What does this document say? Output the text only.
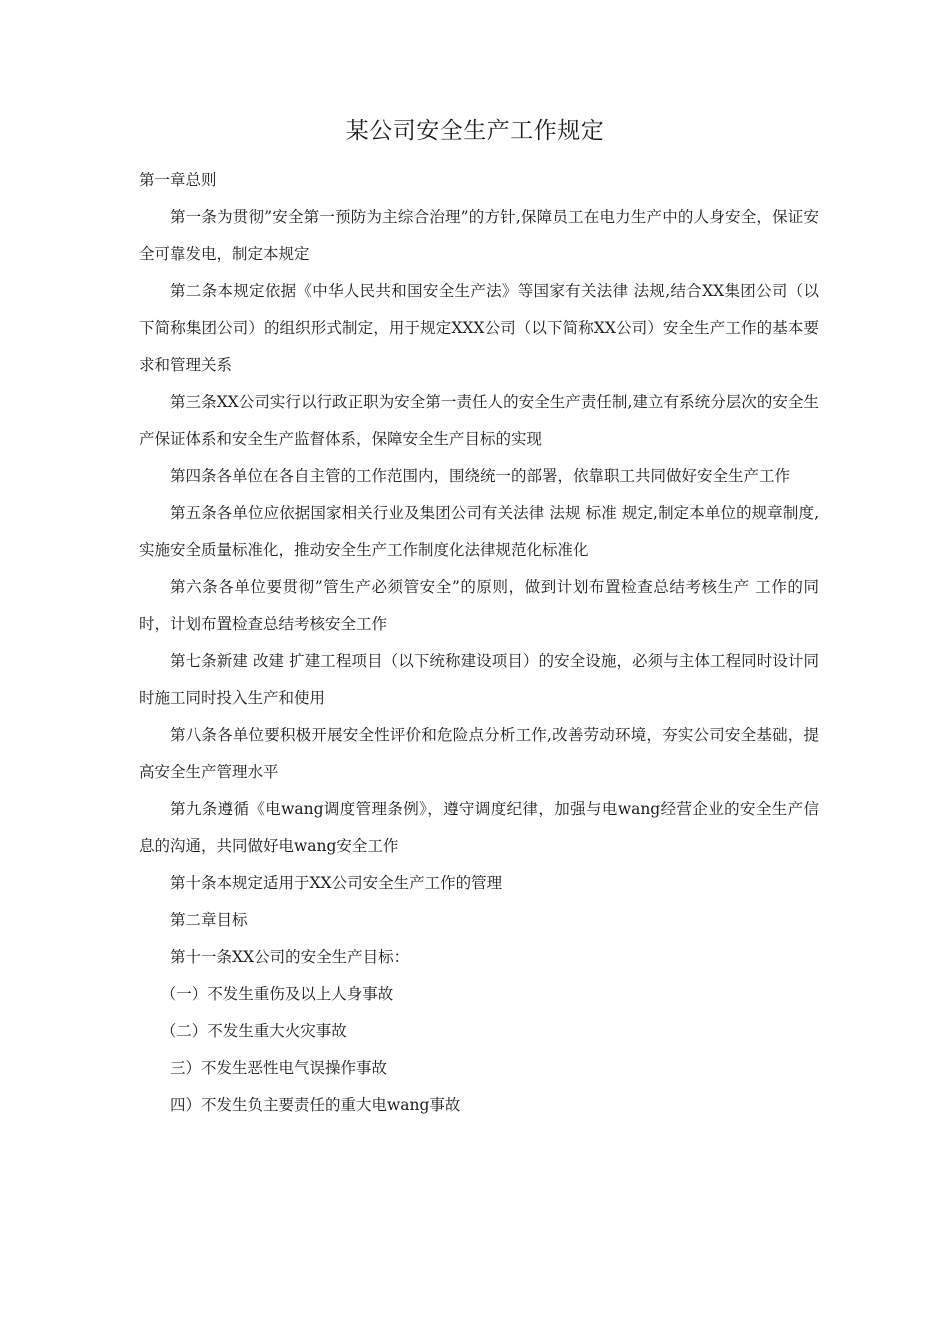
某公司安全生产工作规定

第一章总则

第一条为贯彻”安全第一预防为主综合治理”的方针,保障员工在电力生产中的人身安全，保证安全可靠发电，制定本规定

第二条本规定依据《中华人民共和国安全生产法》等国家有关法律 法规,结合XX集团公司（以下简称集团公司）的组织形式制定，用于规定XXX公司（以下简称XX公司）安全生产工作的基本要求和管理关系

第三条XX公司实行以行政正职为安全第一责任人的安全生产责任制,建立有系统分层次的安全生产保证体系和安全生产监督体系，保障安全生产目标的实现

第四条各单位在各自主管的工作范围内，围绕统一的部署，依靠职工共同做好安全生产工作

第五条各单位应依据国家相关行业及集团公司有关法律 法规 标准 规定,制定本单位的规章制度,实施安全质量标准化，推动安全生产工作制度化法律规范化标准化

第六条各单位要贯彻”管生产必须管安全”的原则，做到计划布置检查总结考核生产 工作的同时，计划布置检查总结考核安全工作

第七条新建 改建 扩建工程项目（以下统称建设项目）的安全设施，必须与主体工程同时设计同时施工同时投入生产和使用

第八条各单位要积极开展安全性评价和危险点分析工作,改善劳动环境，夯实公司安全基础，提高安全生产管理水平

第九条遵循《电wang调度管理条例》，遵守调度纪律，加强与电wang经营企业的安全生产信息的沟通，共同做好电wang安全工作

第十条本规定适用于XX公司安全生产工作的管理

第二章目标

第十一条XX公司的安全生产目标：

（一）不发生重伤及以上人身事故

（二）不发生重大火灾事故

三）不发生恶性电气误操作事故

四）不发生负主要责任的重大电wang事故
